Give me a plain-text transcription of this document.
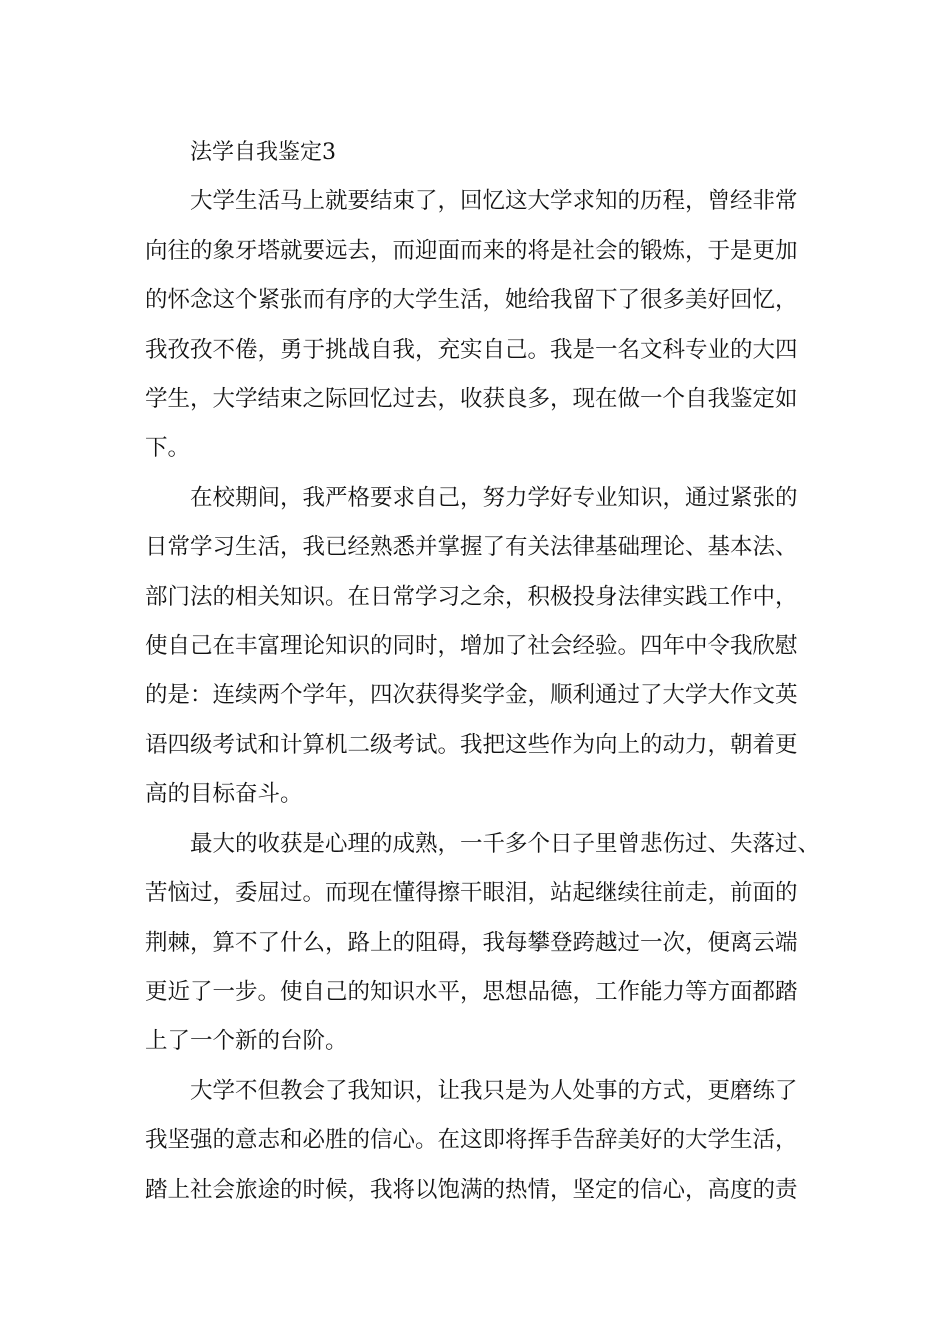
法学自我鉴定3
大学生活马上就要结束了，回忆这大学求知的历程，曾经非常
向往的象牙塔就要远去，而迎面而来的将是社会的锻炼，于是更加
的怀念这个紧张而有序的大学生活，她给我留下了很多美好回忆，
我孜孜不倦，勇于挑战自我，充实自己。我是一名文科专业的大四
学生，大学结束之际回忆过去，收获良多，现在做一个自我鉴定如
下。
在校期间，我严格要求自己，努力学好专业知识，通过紧张的
日常学习生活，我已经熟悉并掌握了有关法律基础理论、基本法、
部门法的相关知识。在日常学习之余，积极投身法律实践工作中，
使自己在丰富理论知识的同时，增加了社会经验。四年中令我欣慰
的是：连续两个学年，四次获得奖学金，顺利通过了大学大作文英
语四级考试和计算机二级考试。我把这些作为向上的动力，朝着更
高的目标奋斗。
最大的收获是心理的成熟，一千多个日子里曾悲伤过、失落过、
苦恼过，委屈过。而现在懂得擦干眼泪，站起继续往前走，前面的
荆棘，算不了什么，路上的阻碍，我每攀登跨越过一次，便离云端
更近了一步。使自己的知识水平，思想品德，工作能力等方面都踏
上了一个新的台阶。
大学不但教会了我知识，让我只是为人处事的方式，更磨练了
我坚强的意志和必胜的信心。在这即将挥手告辞美好的大学生活，
踏上社会旅途的时候，我将以饱满的热情，坚定的信心，高度的责
